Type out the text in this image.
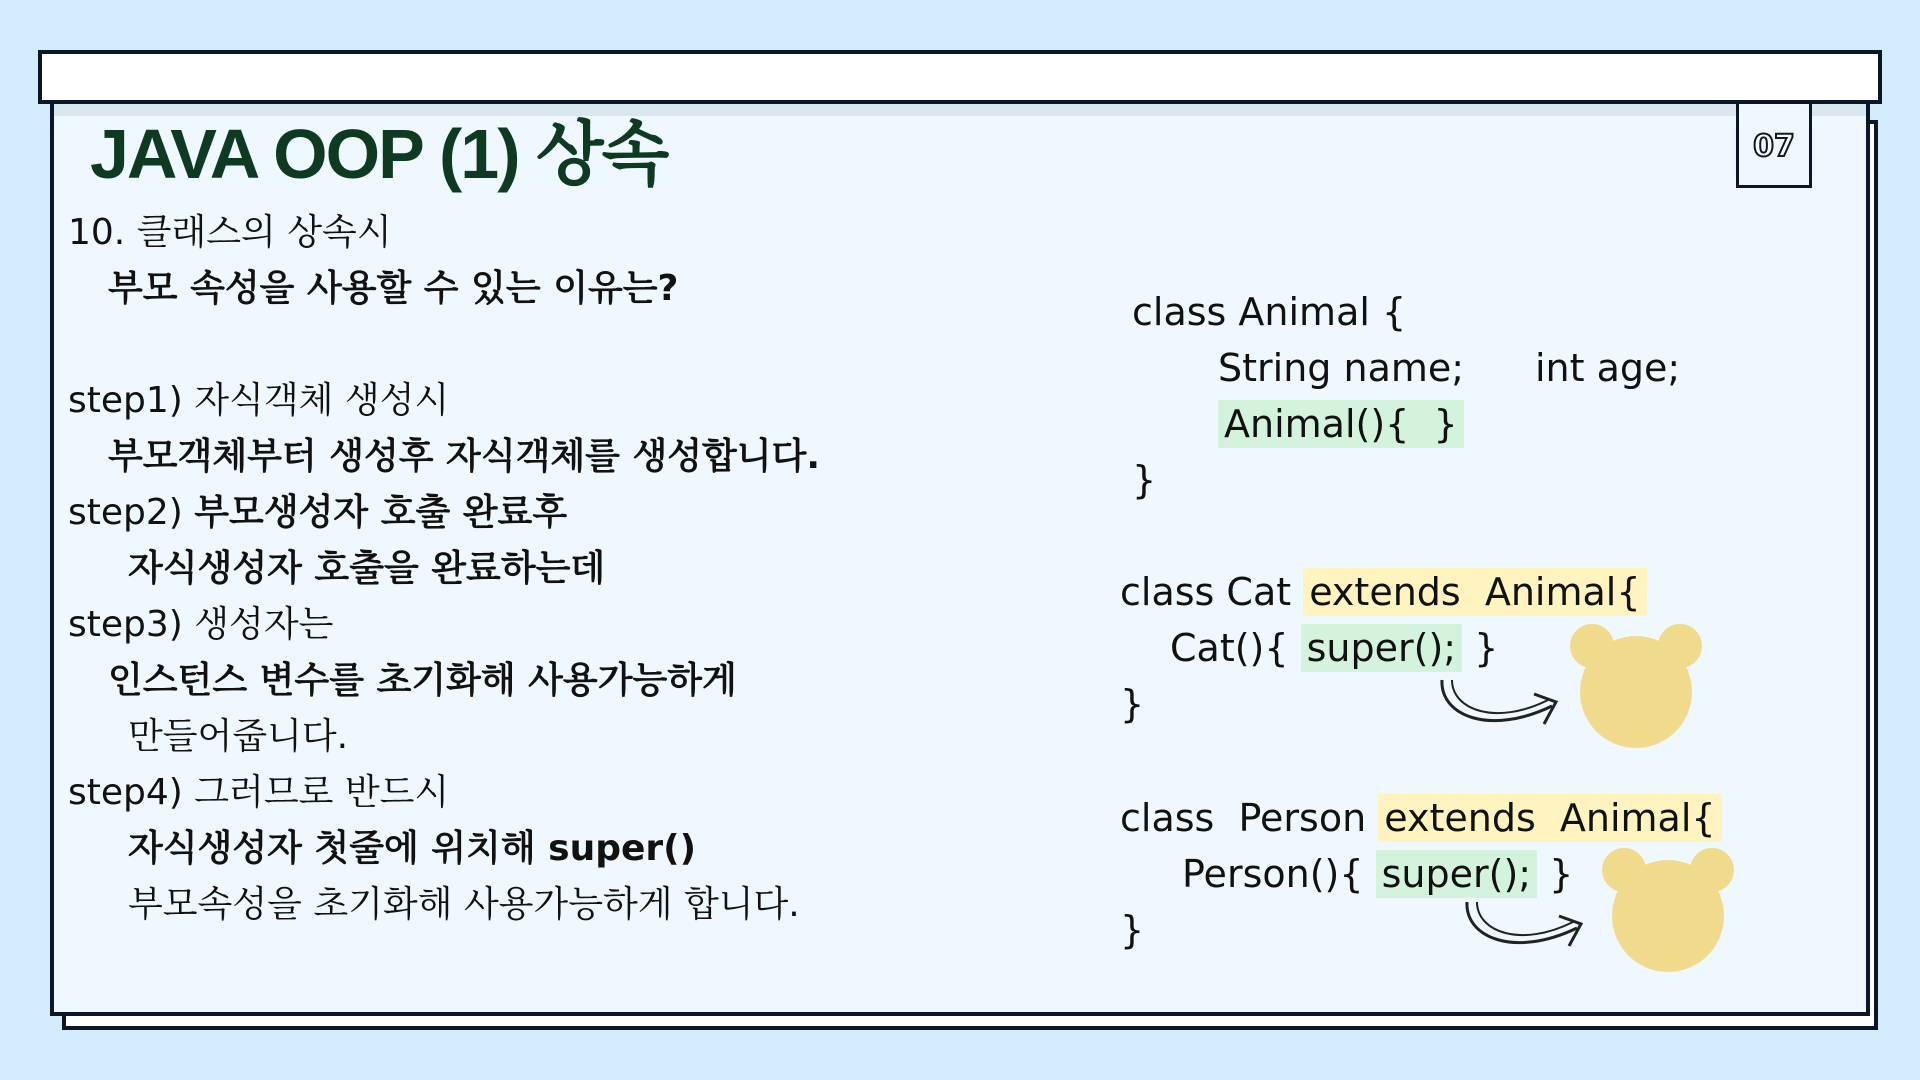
JAVA OOP (1) 상속	07
10. 클래스의 상속시
부모 속성을 사용할 수 있는 이유는?
step1) 자식객체 생성시
부모객체부터 생성후 자식객체를 생성합니다.
step2) 부모생성자 호출 완료후
자식생성자 호출을 완료하는데
step3) 생성자는
인스턴스 변수를 초기화해 사용가능하게
만들어줍니다.
step4) 그러므로 반드시
자식생성자 첫줄에 위치해 super()
부모속성을 초기화해 사용가능하게 합니다.
class Animal {
String name; int age;
Animal(){  }
}
class Cat extends  Animal{
Cat(){ super(); }
}
class  Person extends  Animal{
Person(){ super(); }
}
